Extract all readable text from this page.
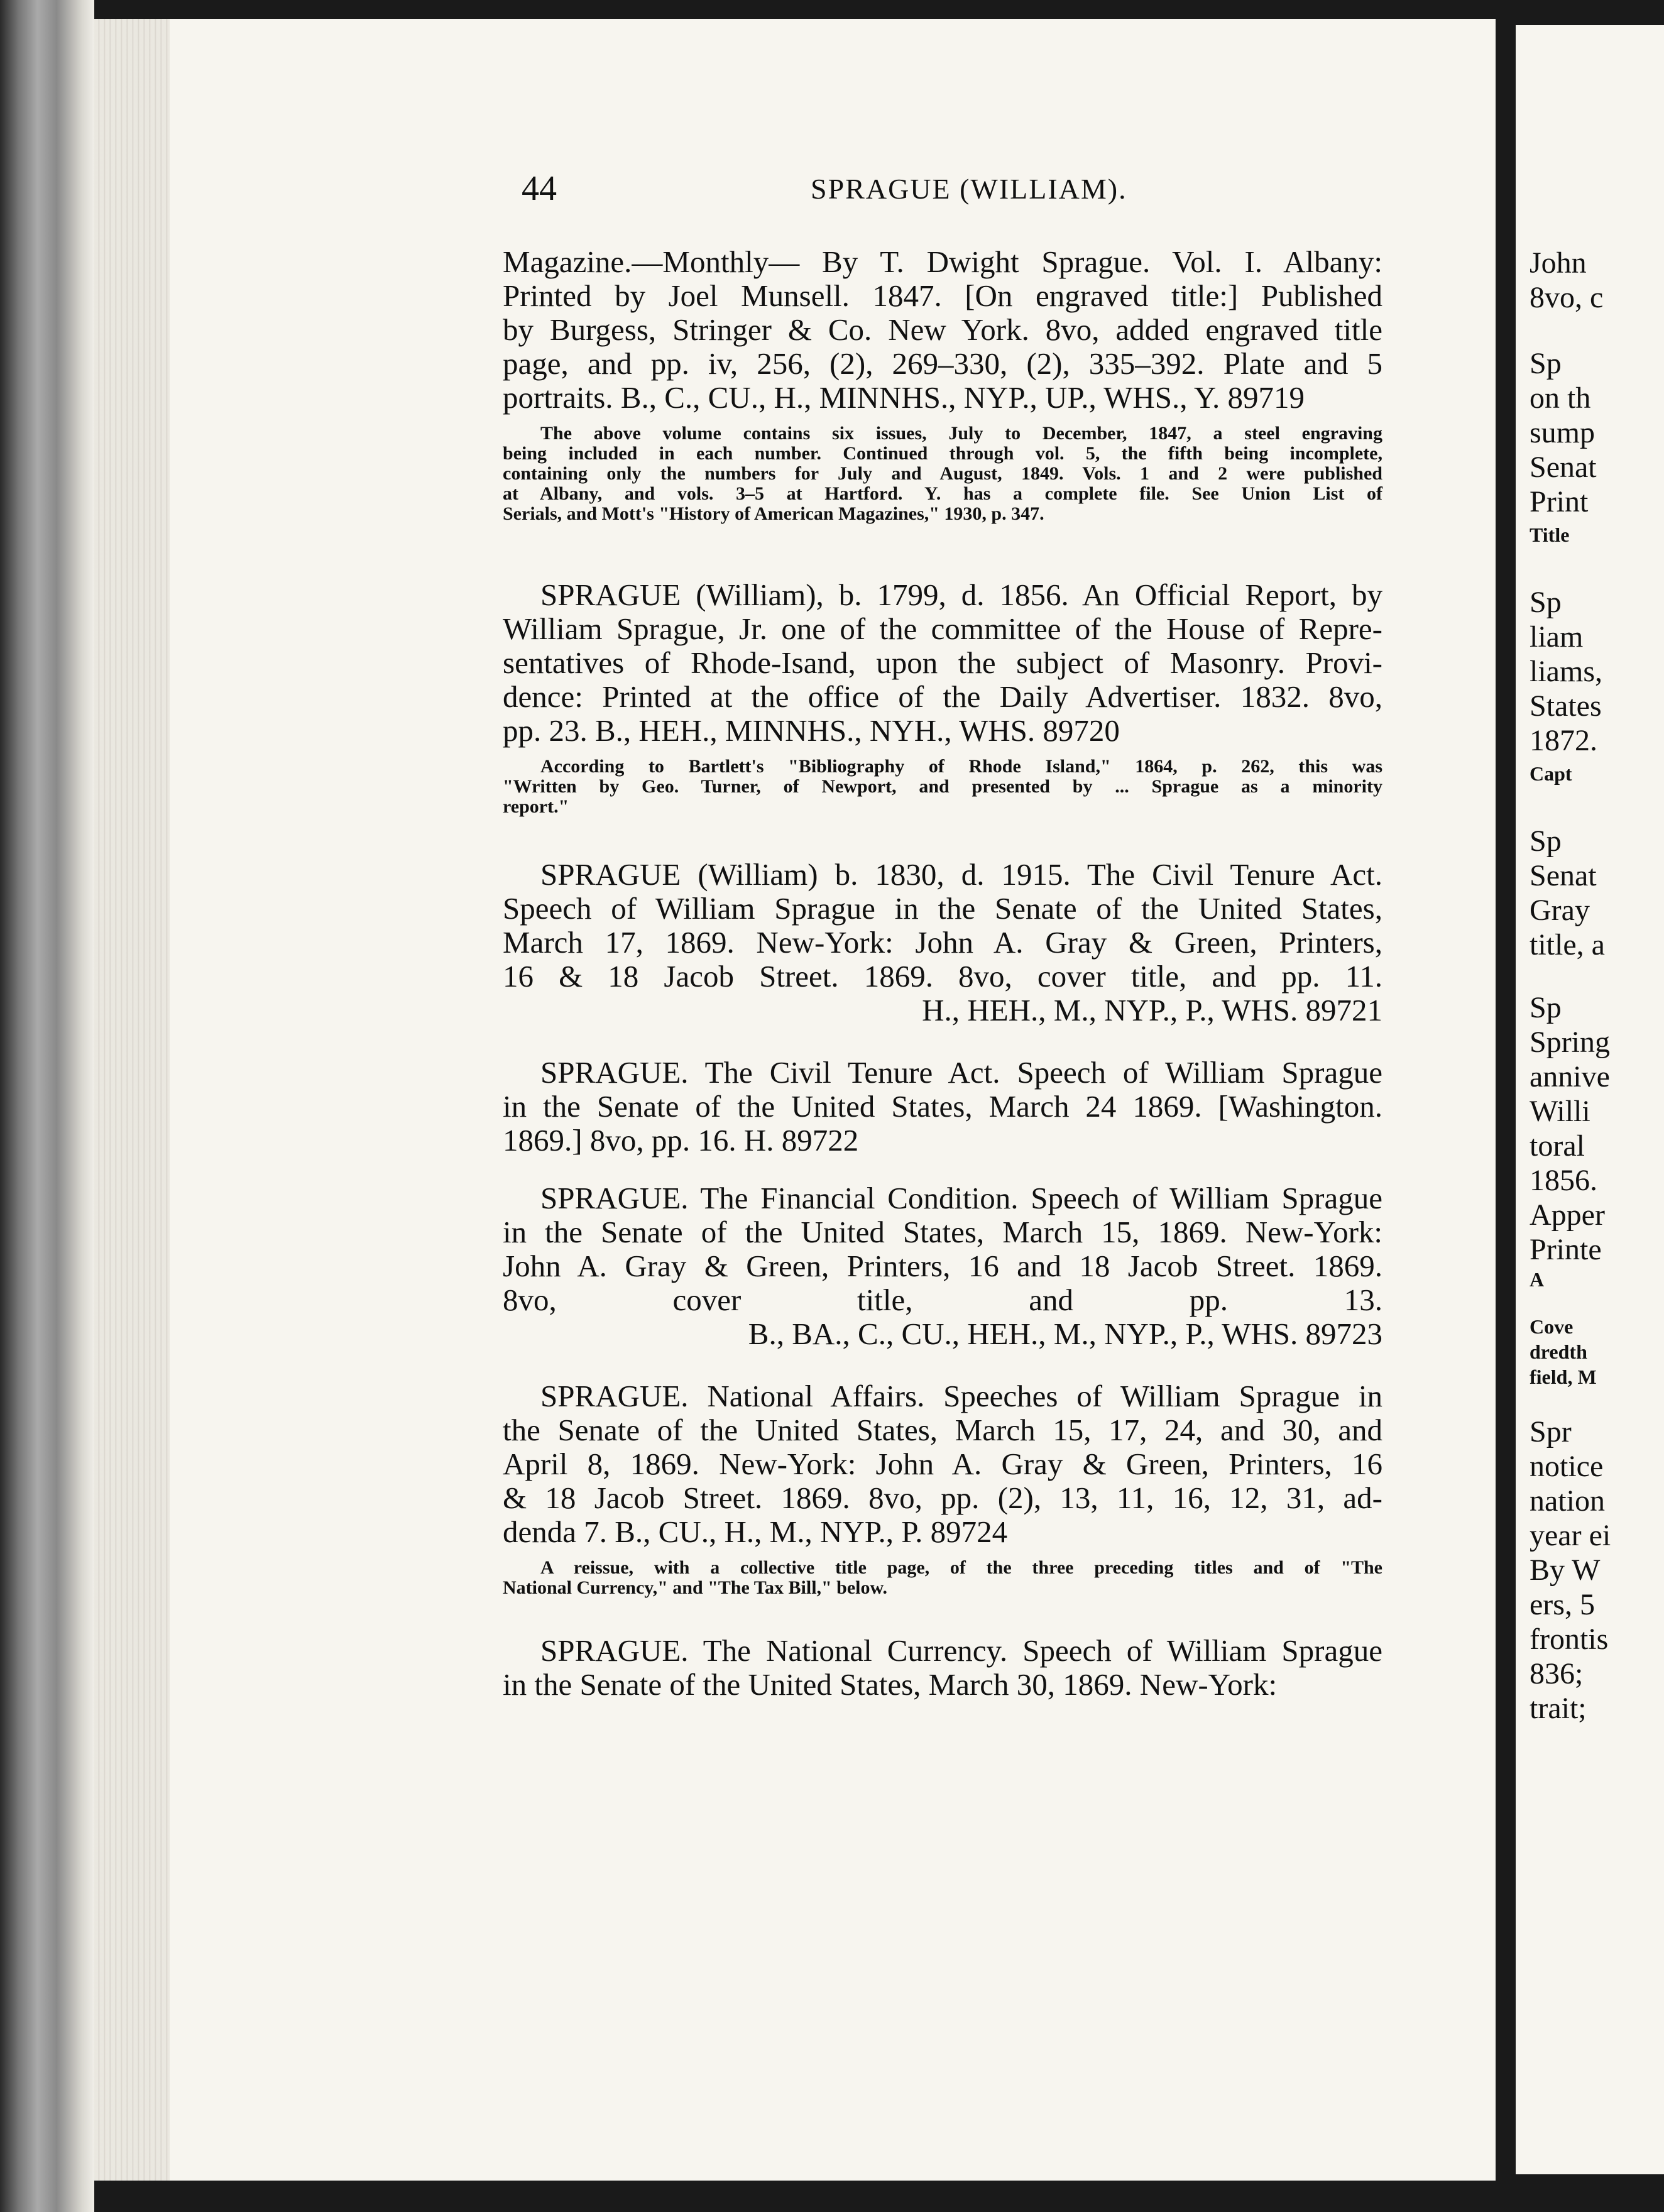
John
8vo, c
Sp
on th
sump
Senat
Print
Title
Sp
liam
liams,
States
1872.
Capt
Sp
Senat
Gray
title, a
Sp
Spring
annive
Willi
toral
1856.
Apper
Printe
A
Cove
dredth
field, M
Spr
notice
nation
year ei
By W
ers, 5
frontis
836;
trait;
44	SPRAGUE (WILLIAM).
Magazine.—Monthly— By T. Dwight Sprague. Vol. I. Albany:
Printed by Joel Munsell. 1847. [On engraved title:] Published
by Burgess, Stringer & Co. New York. 8vo, added engraved title
page, and pp. iv, 256, (2), 269–330, (2), 335–392. Plate and 5
portraits. B., C., CU., H., MINNHS., NYP., UP., WHS., Y. 89719
The above volume contains six issues, July to December, 1847, a steel engraving
being included in each number. Continued through vol. 5, the fifth being incomplete,
containing only the numbers for July and August, 1849. Vols. 1 and 2 were published
at Albany, and vols. 3–5 at Hartford. Y. has a complete file. See Union List of
Serials, and Mott's "History of American Magazines," 1930, p. 347.
SPRAGUE (William), b. 1799, d. 1856. An Official Report, by
William Sprague, Jr. one of the committee of the House of Repre-
sentatives of Rhode-Isand, upon the subject of Masonry. Provi-
dence: Printed at the office of the Daily Advertiser. 1832. 8vo,
pp. 23. B., HEH., MINNHS., NYH., WHS. 89720
According to Bartlett's "Bibliography of Rhode Island," 1864, p. 262, this was
"Written by Geo. Turner, of Newport, and presented by ... Sprague as a minority
report."
SPRAGUE (William) b. 1830, d. 1915. The Civil Tenure Act.
Speech of William Sprague in the Senate of the United States,
March 17, 1869. New-York: John A. Gray & Green, Printers,
16 & 18 Jacob Street. 1869. 8vo, cover title, and pp. 11.
H., HEH., M., NYP., P., WHS. 89721
SPRAGUE. The Civil Tenure Act. Speech of William Sprague
in the Senate of the United States, March 24 1869. [Washington.
1869.] 8vo, pp. 16. H. 89722
SPRAGUE. The Financial Condition. Speech of William Sprague
in the Senate of the United States, March 15, 1869. New-York:
John A. Gray & Green, Printers, 16 and 18 Jacob Street. 1869.
8vo, cover title, and pp. 13.
B., BA., C., CU., HEH., M., NYP., P., WHS. 89723
SPRAGUE. National Affairs. Speeches of William Sprague in
the Senate of the United States, March 15, 17, 24, and 30, and
April 8, 1869. New-York: John A. Gray & Green, Printers, 16
& 18 Jacob Street. 1869. 8vo, pp. (2), 13, 11, 16, 12, 31, ad-
denda 7. B., CU., H., M., NYP., P. 89724
A reissue, with a collective title page, of the three preceding titles and of "The
National Currency," and "The Tax Bill," below.
SPRAGUE. The National Currency. Speech of William Sprague
in the Senate of the United States, March 30, 1869. New-York:
